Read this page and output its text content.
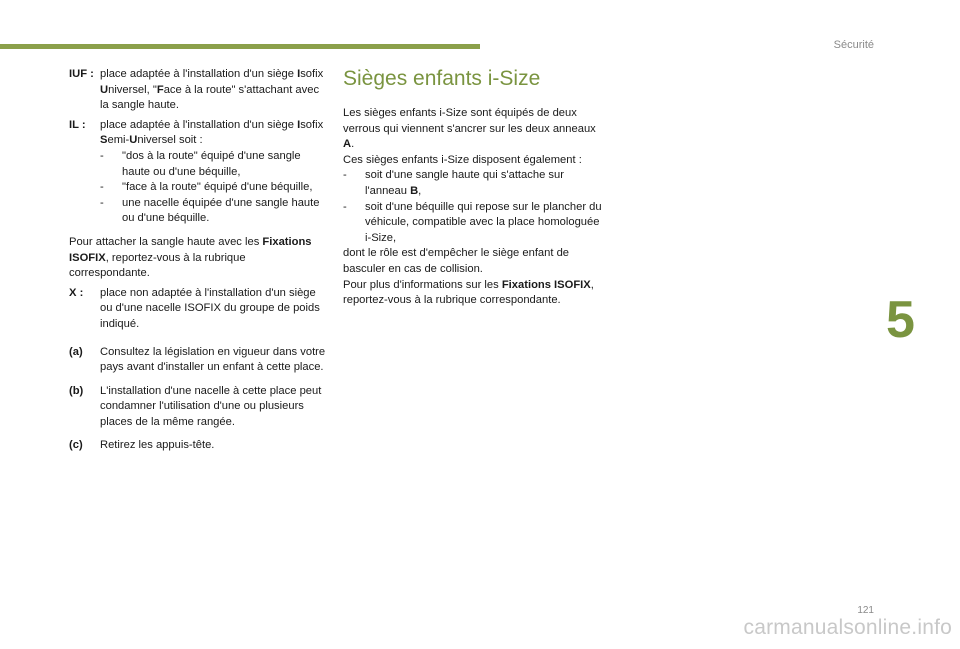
Sécurité
5
121
carmanualsonline.info
IUF : place adaptée à l'installation d'un siège Isofix Universel, "Face à la route" s'attachant avec la sangle haute.
IL :	place adaptée à l'installation d'un siège Isofix Semi-Universel soit :
- "dos à la route" équipé d'une sangle haute ou d'une béquille,
- "face à la route" équipé d'une béquille,
- une nacelle équipée d'une sangle haute ou d'une béquille.

Pour attacher la sangle haute avec les Fixations ISOFIX, reportez-vous à la rubrique correspondante.

X :	place non adaptée à l'installation d'un siège ou d'une nacelle ISOFIX du groupe de poids indiqué.
(a)	Consultez la législation en vigueur dans votre pays avant d'installer un enfant à cette place.
(b)	L'installation d'une nacelle à cette place peut condamner l'utilisation d'une ou plusieurs places de la même rangée.
(c)	Retirez les appuis-tête.
Sièges enfants i-Size

Les sièges enfants i-Size sont équipés de deux verrous qui viennent s'ancrer sur les deux anneaux A.

Ces sièges enfants i-Size disposent également :

- soit d'une sangle haute qui s'attache sur l'anneau B,
- soit d'une béquille qui repose sur le plancher du véhicule, compatible avec la place homologuée i-Size,

dont le rôle est d'empêcher le siège enfant de basculer en cas de collision.

Pour plus d'informations sur les Fixations ISOFIX, reportez-vous à la rubrique correspondante.
